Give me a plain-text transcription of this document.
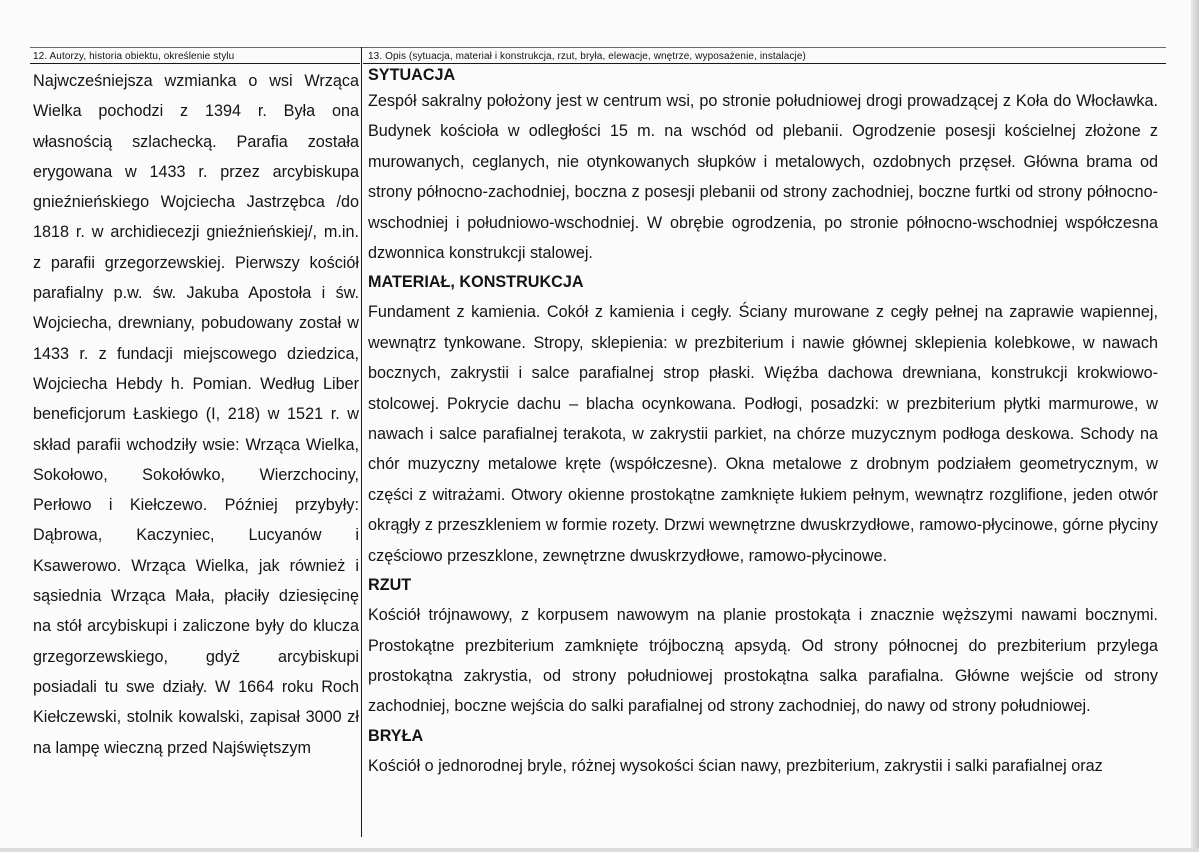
12. Autorzy, historia obiektu, określenie stylu	13. Opis (sytuacja, materiał i konstrukcja, rzut, bryła, elewacje, wnętrze, wyposażenie, instalacje)
Najwcześniejsza wzmianka o wsi Wrząca Wielka pochodzi z 1394 r. Była ona własnością szlachecką. Parafia została erygowana w 1433 r. przez arcybiskupa gnieźnieńskiego Wojciecha Jastrzębca /do 1818 r. w archidiecezji gnieźnieńskiej/, m.in. z parafii grzegorzewskiej. Pierwszy kościół parafialny p.w. św. Jakuba Apostoła i św. Wojciecha, drewniany, pobudowany został w 1433 r. z fundacji miejscowego dziedzica, Wojciecha Hebdy h. Pomian. Według Liber beneficjorum Łaskiego (I, 218) w 1521 r. w skład parafii wchodziły wsie: Wrząca Wielka, Sokołowo, Sokołówko, Wierzchociny, Perłowo i Kiełczewo. Później przybyły: Dąbrowa, Kaczyniec, Lucyanów i Ksawerowo. Wrząca Wielka, jak również i sąsiednia Wrząca Mała, płaciły dziesięcinę na stół arcybiskupi i zaliczone były do klucza grzegorzewskiego, gdyż arcybiskupi posiadali tu swe działy. W 1664 roku Roch Kiełczewski, stolnik kowalski, zapisał 3000 zł na lampę wieczną przed Najświętszym
SYTUACJA

Zespół sakralny położony jest w centrum wsi, po stronie południowej drogi prowadzącej z Koła do Włocławka. Budynek kościoła w odległości 15 m. na wschód od plebanii. Ogrodzenie posesji kościelnej złożone z murowanych, ceglanych, nie otynkowanych słupków i metalowych, ozdobnych przęseł. Główna brama od strony północno-zachodniej, boczna z posesji plebanii od strony zachodniej, boczne furtki od strony północno-wschodniej i południowo-wschodniej. W obrębie ogrodzenia, po stronie północno-wschodniej współczesna dzwonnica konstrukcji stalowej.

MATERIAŁ, KONSTRUKCJA

Fundament z kamienia. Cokół z kamienia i cegły. Ściany murowane z cegły pełnej na zaprawie wapiennej, wewnątrz tynkowane. Stropy, sklepienia: w prezbiterium i nawie głównej sklepienia kolebkowe, w nawach bocznych, zakrystii i salce parafialnej strop płaski. Więźba dachowa drewniana, konstrukcji krokwiowo-stolcowej. Pokrycie dachu – blacha ocynkowana. Podłogi, posadzki: w prezbiterium płytki marmurowe, w nawach i salce parafialnej terakota, w zakrystii parkiet, na chórze muzycznym podłoga deskowa. Schody na chór muzyczny metalowe kręte (współczesne). Okna metalowe z drobnym podziałem geometrycznym, w części z witrażami. Otwory okienne prostokątne zamknięte łukiem pełnym, wewnątrz rozglifione, jeden otwór okrągły z przeszkleniem w formie rozety. Drzwi wewnętrzne dwuskrzydłowe, ramowo-płycinowe, górne płyciny częściowo przeszklone, zewnętrzne dwuskrzydłowe, ramowo-płycinowe.

RZUT

Kościół trójnawowy, z korpusem nawowym na planie prostokąta i znacznie węższymi nawami bocznymi. Prostokątne prezbiterium zamknięte trójboczną apsydą. Od strony północnej do prezbiterium przylega prostokątna zakrystia, od strony południowej prostokątna salka parafialna. Główne wejście od strony zachodniej, boczne wejścia do salki parafialnej od strony zachodniej, do nawy od strony południowej.

BRYŁA

Kościół o jednorodnej bryle, różnej wysokości ścian nawy, prezbiterium, zakrystii i salki parafialnej oraz
